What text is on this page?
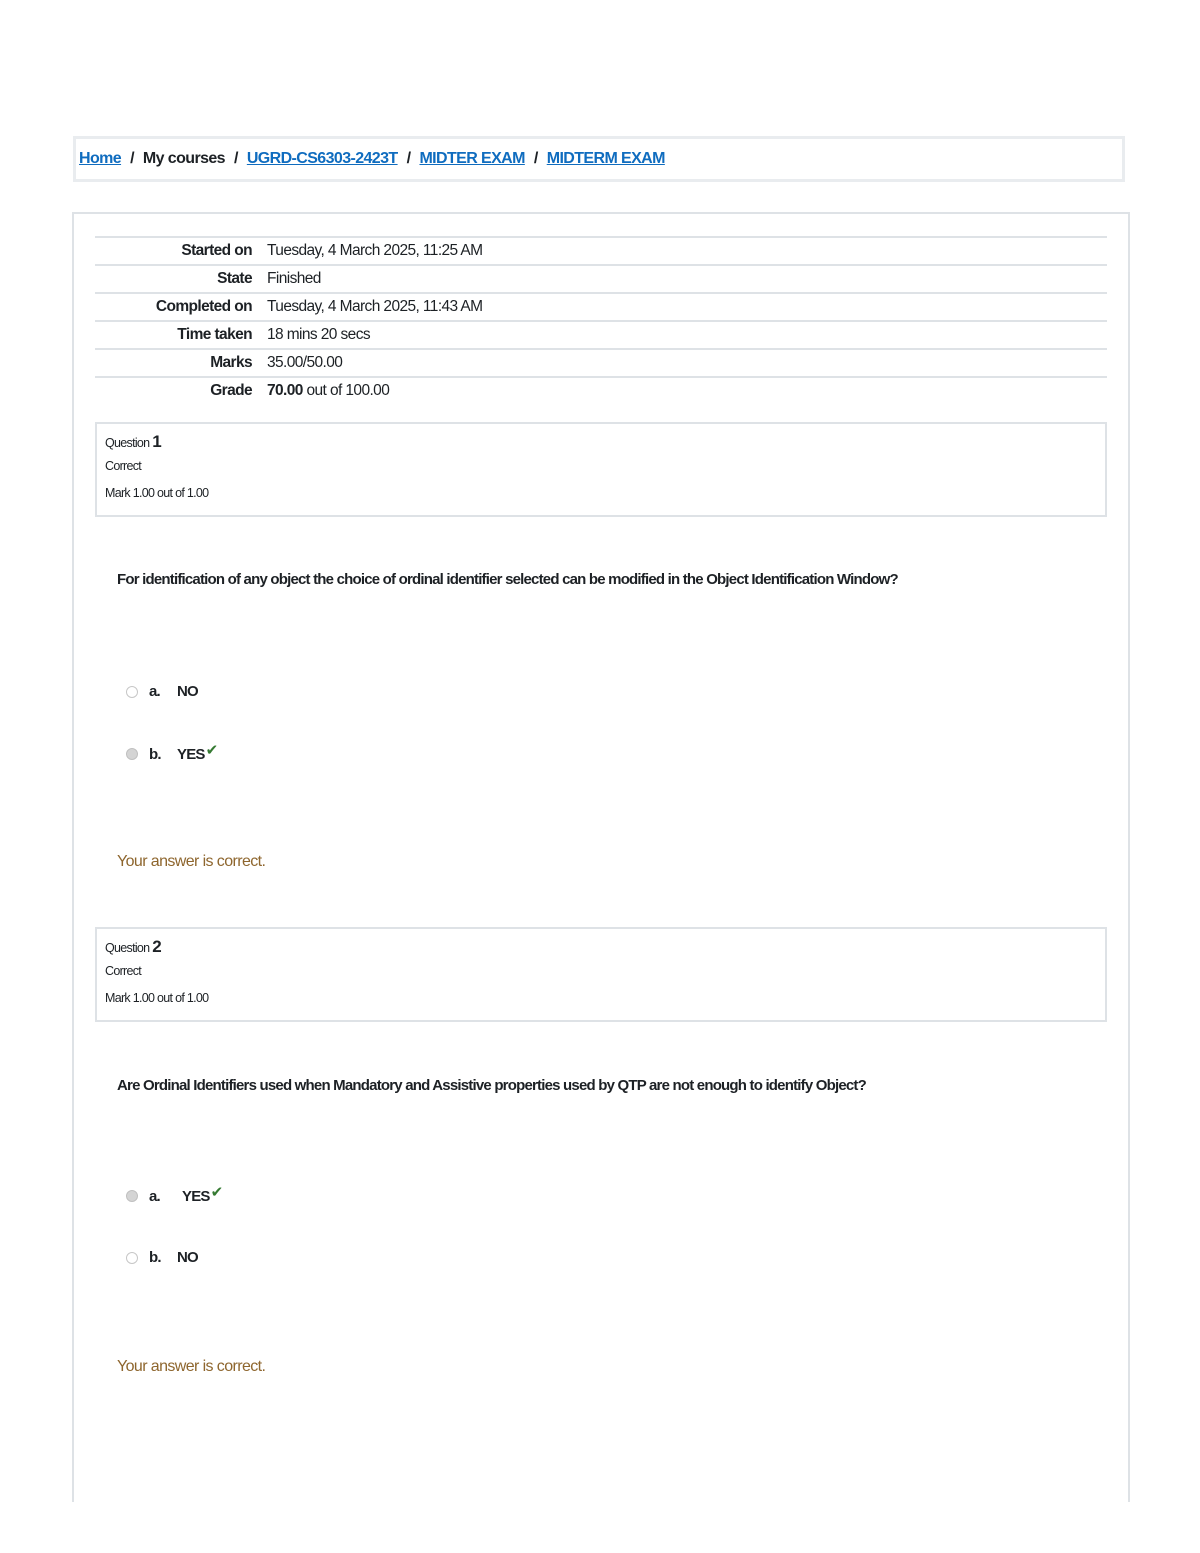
Home / My courses / UGRD-CS6303-2423T / MIDTER EXAM / MIDTERM EXAM
Started on	Tuesday, 4 March 2025, 11:25 AM
State	Finished
Completed on	Tuesday, 4 March 2025, 11:43 AM
Time taken	18 mins 20 secs
Marks	35.00/50.00
Grade	70.00 out of 100.00
Question 1
Correct
Mark 1.00 out of 1.00
For identification of any object the choice of ordinal identifier selected can be modified in the Object Identification Window?
a.	NO
b.	YES ✔
Your answer is correct.
Question 2
Correct
Mark 1.00 out of 1.00
Are Ordinal Identifiers used when Mandatory and Assistive properties used by QTP are not enough to identify Object?
a.	YES ✔
b.	NO
Your answer is correct.
